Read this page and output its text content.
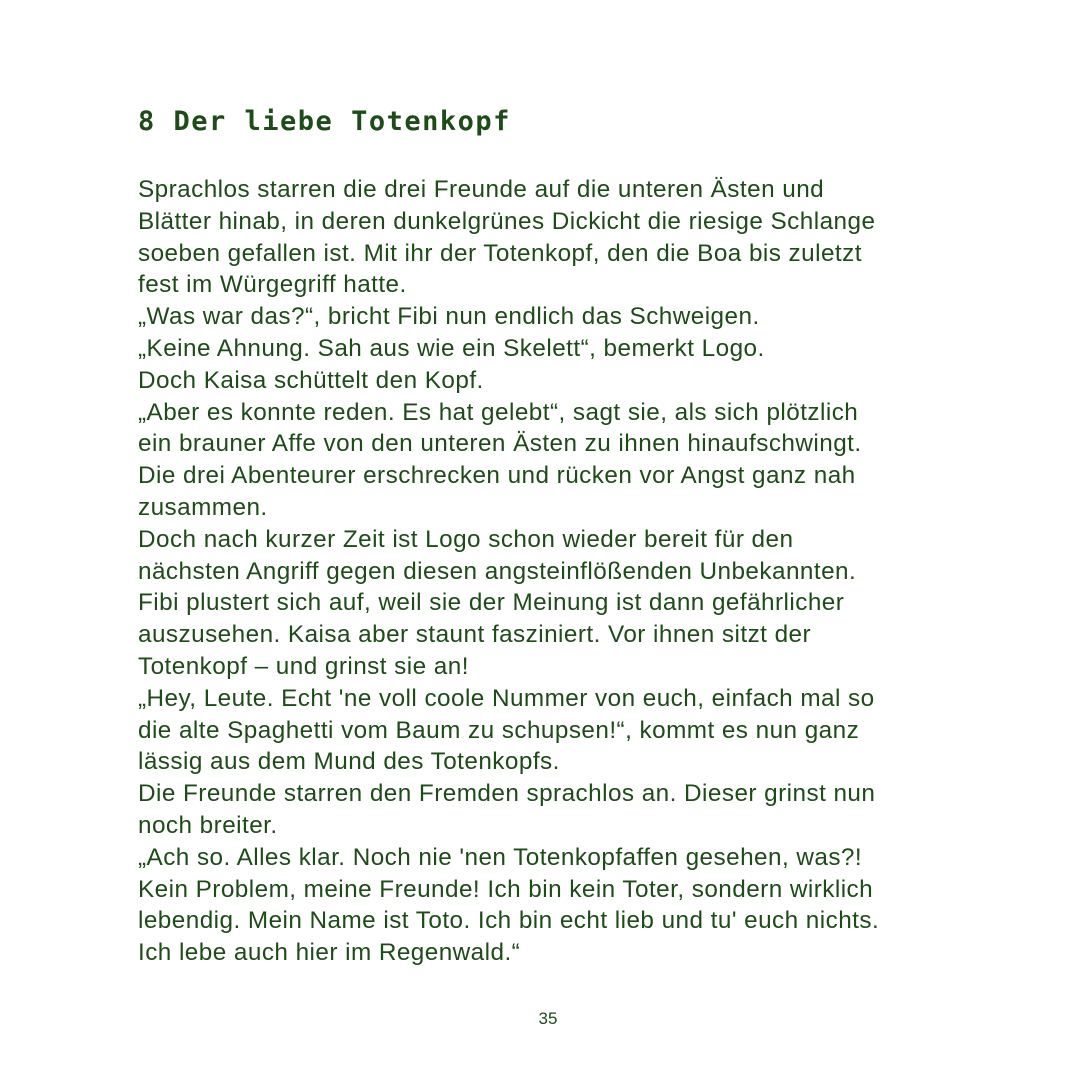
8 Der liebe Totenkopf
Sprachlos starren die drei Freunde auf die unteren Ästen und
Blätter hinab, in deren dunkelgrünes Dickicht die riesige Schlange
soeben gefallen ist. Mit ihr der Totenkopf, den die Boa bis zuletzt
fest im Würgegriff hatte.
„Was war das?“, bricht Fibi nun endlich das Schweigen.
„Keine Ahnung. Sah aus wie ein Skelett“, bemerkt Logo.
Doch Kaisa schüttelt den Kopf.
„Aber es konnte reden. Es hat gelebt“, sagt sie, als sich plötzlich
ein brauner Affe von den unteren Ästen zu ihnen hinaufschwingt.
Die drei Abenteurer erschrecken und rücken vor Angst ganz nah
zusammen.
Doch nach kurzer Zeit ist Logo schon wieder bereit für den
nächsten Angriff gegen diesen angsteinflößenden Unbekannten.
Fibi plustert sich auf, weil sie der Meinung ist dann gefährlicher
auszusehen. Kaisa aber staunt fasziniert. Vor ihnen sitzt der
Totenkopf – und grinst sie an!
„Hey, Leute. Echt 'ne voll coole Nummer von euch, einfach mal so
die alte Spaghetti vom Baum zu schupsen!“, kommt es nun ganz
lässig aus dem Mund des Totenkopfs.
Die Freunde starren den Fremden sprachlos an. Dieser grinst nun
noch breiter.
„Ach so. Alles klar. Noch nie 'nen Totenkopfaffen gesehen, was?!
Kein Problem, meine Freunde! Ich bin kein Toter, sondern wirklich
lebendig. Mein Name ist Toto. Ich bin echt lieb und tu' euch nichts.
Ich lebe auch hier im Regenwald.“
35
